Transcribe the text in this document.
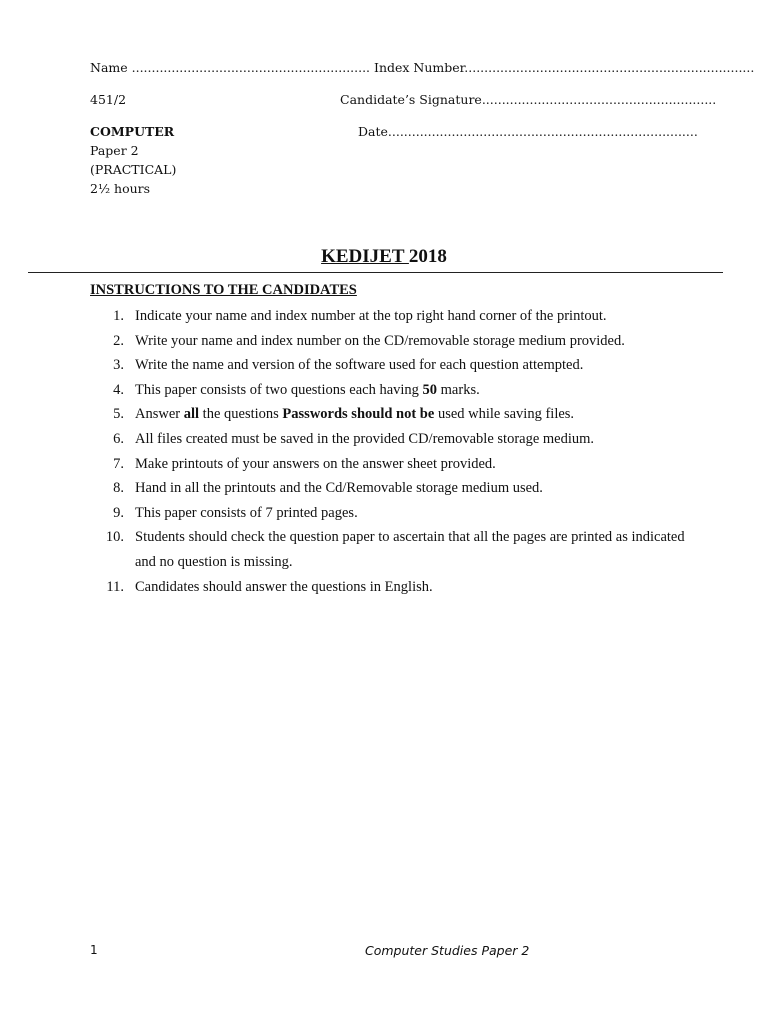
Name ............................................................ Index Number.........................................................................
451/2	Candidate’s Signature...........................................................
COMPUTER	Date..............................................................................
Paper 2
(PRACTICAL)
2½ hours
KEDIJET 2018
INSTRUCTIONS TO THE CANDIDATES
1. Indicate your name and index number at the top right hand corner of the printout.
2. Write your name and index number on the CD/removable storage medium provided.
3. Write the name and version of the software used for each question attempted.
4. This paper consists of two questions each having 50 marks.
5. Answer all the questions Passwords should not be used while saving files.
6. All files created must be saved in the provided CD/removable storage medium.
7. Make printouts of your answers on the answer sheet provided.
8. Hand in all the printouts and the Cd/Removable storage medium used.
9. This paper consists of 7 printed pages.
10. Students should check the question paper to ascertain that all the pages are printed as indicated and no question is missing.
11. Candidates should answer the questions in English.
1	Computer Studies Paper 2
